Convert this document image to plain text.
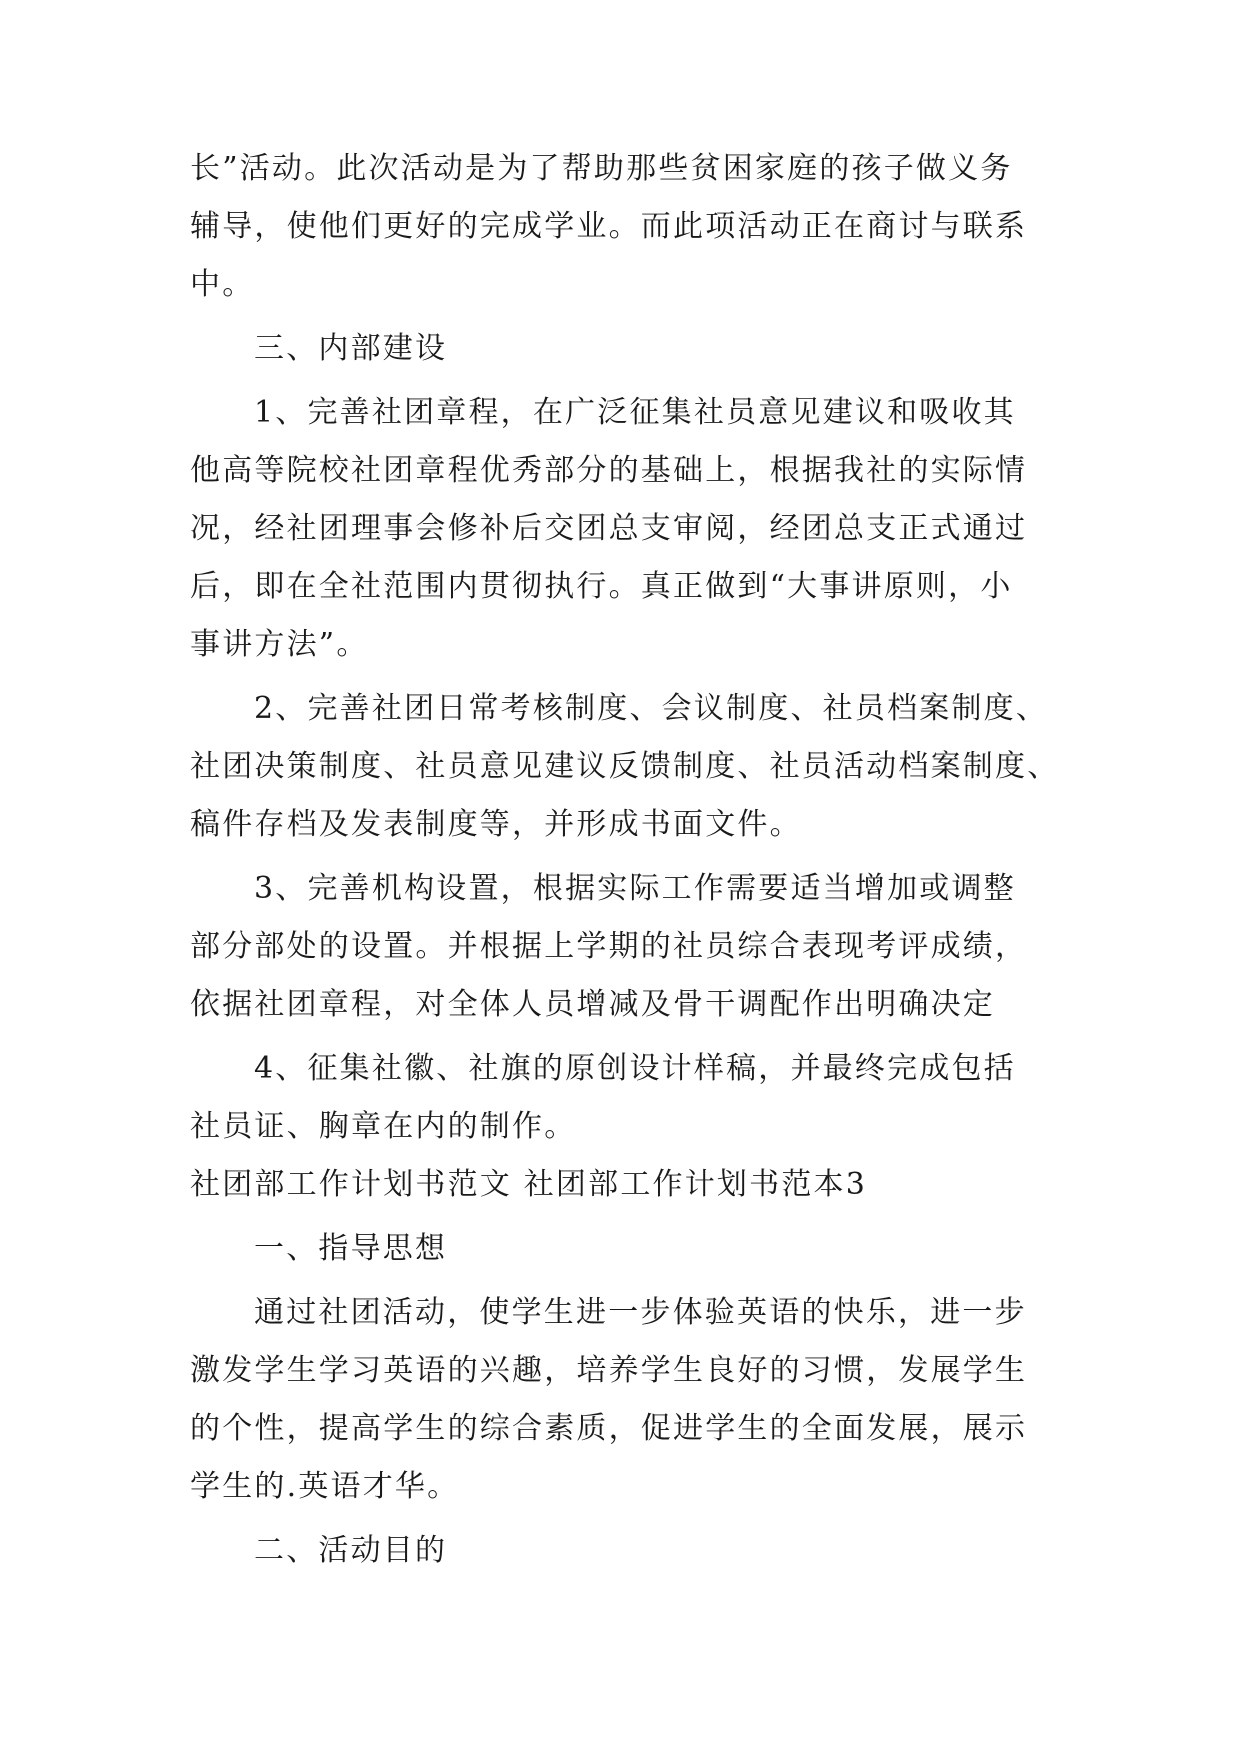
长”活动。此次活动是为了帮助那些贫困家庭的孩子做义务
辅导，使他们更好的完成学业。而此项活动正在商讨与联系
中。
三、内部建设
1、完善社团章程，在广泛征集社员意见建议和吸收其
他高等院校社团章程优秀部分的基础上，根据我社的实际情
况，经社团理事会修补后交团总支审阅，经团总支正式通过
后，即在全社范围内贯彻执行。真正做到“大事讲原则，小
事讲方法”。
2、完善社团日常考核制度、会议制度、社员档案制度、
社团决策制度、社员意见建议反馈制度、社员活动档案制度、
稿件存档及发表制度等，并形成书面文件。
3、完善机构设置，根据实际工作需要适当增加或调整
部分部处的设置。并根据上学期的社员综合表现考评成绩，
依据社团章程，对全体人员增减及骨干调配作出明确决定
4、征集社徽、社旗的原创设计样稿，并最终完成包括
社员证、胸章在内的制作。
社团部工作计划书范文 社团部工作计划书范本3
一、指导思想
通过社团活动，使学生进一步体验英语的快乐，进一步
激发学生学习英语的兴趣，培养学生良好的习惯，发展学生
的个性，提高学生的综合素质，促进学生的全面发展，展示
学生的.英语才华。
二、活动目的
